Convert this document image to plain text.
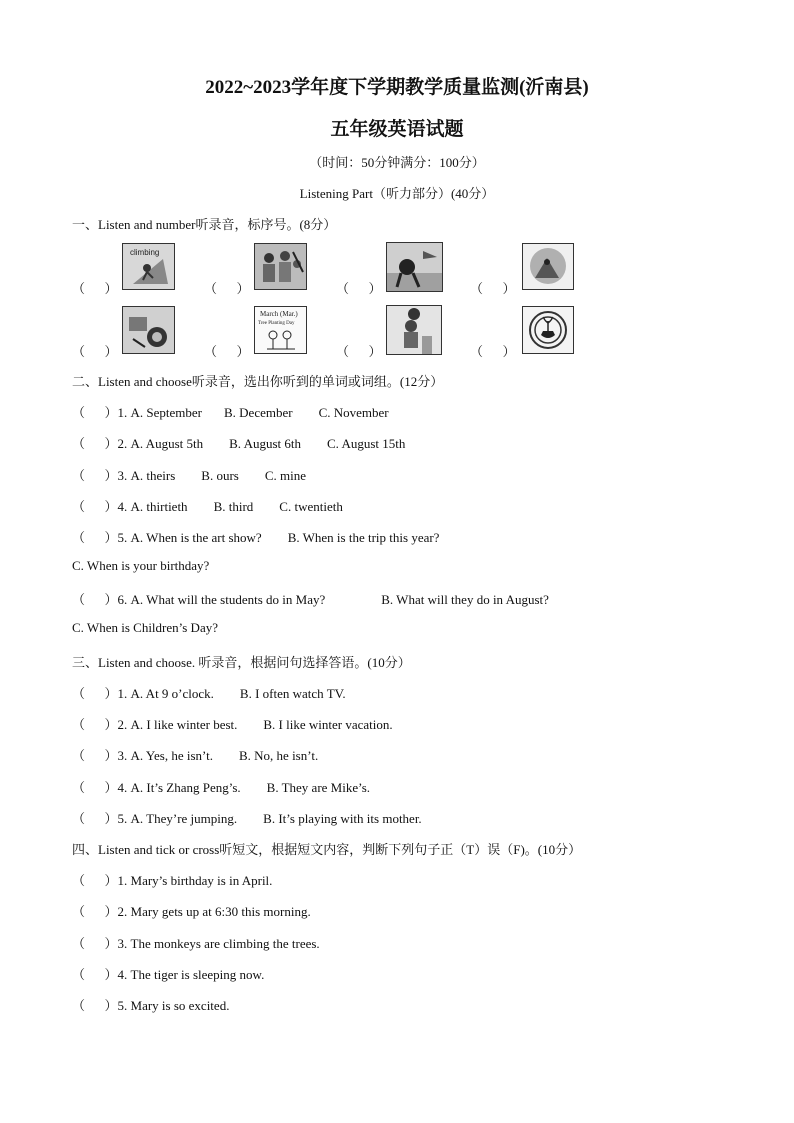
2022~2023学年度下学期教学质量监测(沂南县)
五年级英语试题
（时间：50分钟满分：100分）
Listening Part（听力部分）(40分）
一、Listen and number听录音，标序号。(8分）
（      ）
climbing
（      ）	（      ）	（      ）
（      ）	（      ）
March (Mar.)
Tree Planting Day
（      ）	（      ）
二、Listen and choose听录音，选出你听到的单词或词组。(12分）
（      ）1. A. September B. December C. November
（      ）2. A. August 5th B. August 6th C. August 15th
（      ）3. A. theirs B. ours C. mine
（      ）4. A. thirtieth B. third C. twentieth
（      ）5. A. When is the art show? B. When is the trip this year?
C. When is your birthday?
（      ）6. A. What will the students do in May?	B. What will they do in August?
C. When is Children’s Day?
三、Listen and choose. 听录音，根据问句选择答语。(10分）
（      ）1. A. At 9 o’clock. B. I often watch TV.
（      ）2. A. I like winter best. B. I like winter vacation.
（      ）3. A. Yes, he isn’t. B. No, he isn’t.
（      ）4. A. It’s Zhang Peng’s. B. They are Mike’s.
（      ）5. A. They’re jumping. B. It’s playing with its mother.
四、Listen and tick or cross听短文，根据短文内容，判断下列句子正（T）误（F)。(10分）
（      ）1. Mary’s birthday is in April.
（      ）2. Mary gets up at 6:30 this morning.
（      ）3. The monkeys are climbing the trees.
（      ）4. The tiger is sleeping now.
（      ）5. Mary is so excited.
